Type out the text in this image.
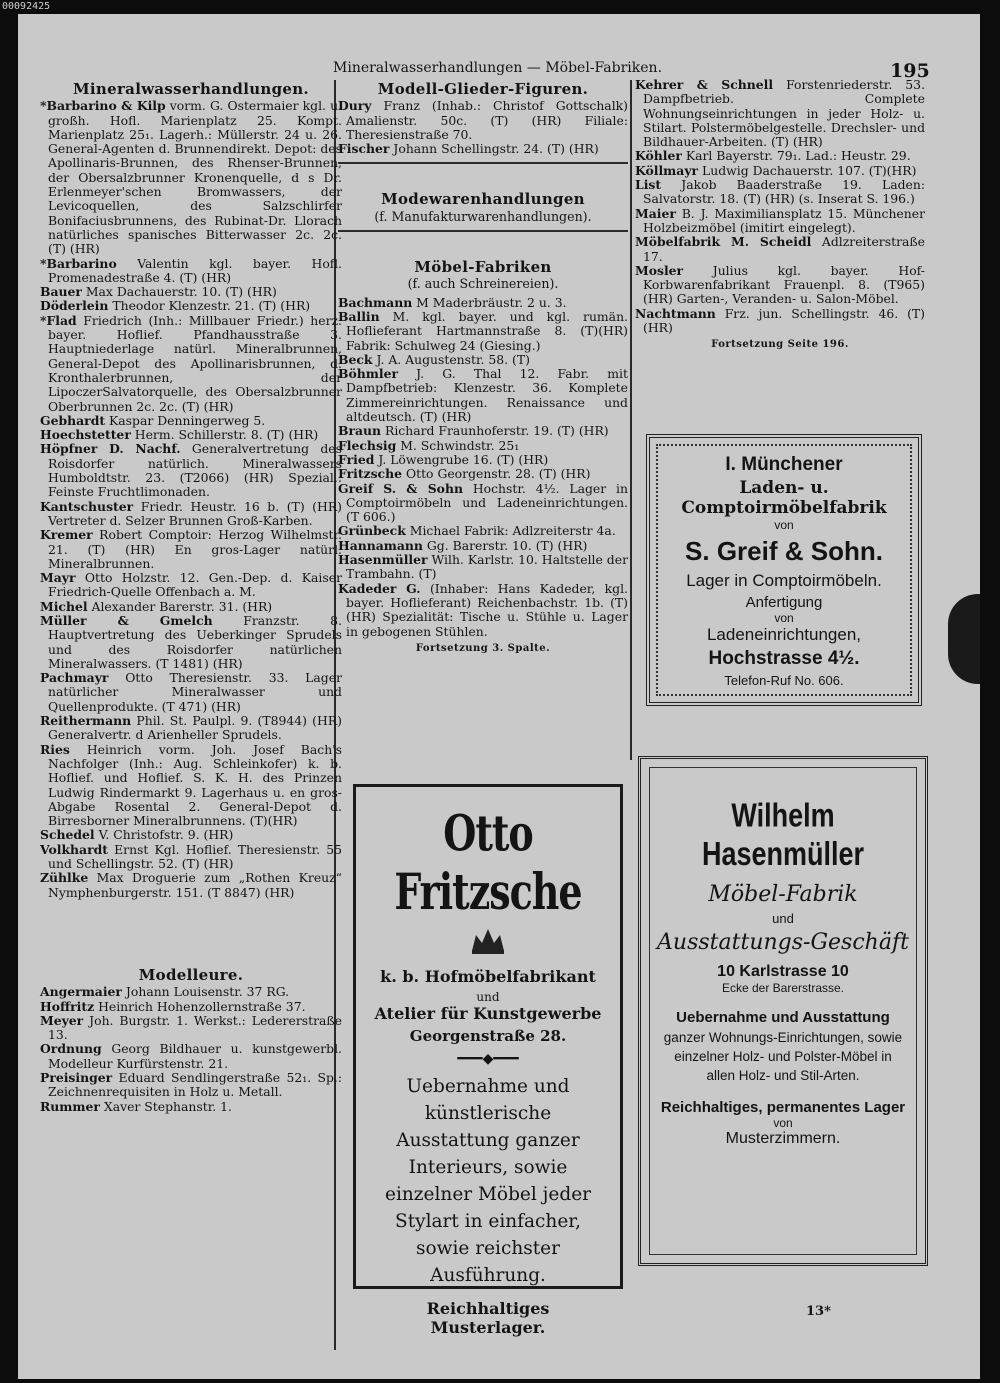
00092425
Mineralwasserhandlungen — Möbel-Fabriken.	195
Mineralwasserhandlungen.

*Barbarino & Kilp vorm. G. Ostermaier kgl. u. großh. Hofl. Marienplatz 25. Kompt. Marienplatz 25₁. Lagerh.: Müllerstr. 24 u. 26. General-Agenten d. Brunnendirekt. Depot: des Apollinaris-Brunnen, des Rhenser-Brunnen, der Obersalzbrunner Kronenquelle, d s Dr. Erlenmeyer'schen Bromwassers, der Levicoquellen, des Salzschlirfer Bonifaciusbrunnens, des Rubinat-Dr. Llorach natürliches spanisches Bitterwasser 2c. 2c. (T) (HR)

*Barbarino Valentin kgl. bayer. Hofl. Promenadestraße 4. (T) (HR)

Bauer Max Dachauerstr. 10. (T) (HR)

Döderlein Theodor Klenzestr. 21. (T) (HR)

*Flad Friedrich (Inh.: Millbauer Friedr.) herz. bayer. Hoflief. Pfandhausstraße 3. Hauptniederlage natürl. Mineralbrunnen, General-Depot des Apollinarisbrunnen, d. Kronthalerbrunnen, der LipoczerSalvatorquelle, des Obersalzbrunner Oberbrunnen 2c. 2c. (T) (HR)

Gebhardt Kaspar Denningerweg 5.

Hoechstetter Herm. Schillerstr. 8. (T) (HR)

Höpfner D. Nachf. Generalvertretung des Roisdorfer natürlich. Mineralwassers Humboldtstr. 23. (T2066) (HR) Spezial.: Feinste Fruchtlimonaden.

Kantschuster Friedr. Heustr. 16 b. (T) (HR) Vertreter d. Selzer Brunnen Groß-Karben.

Kremer Robert Comptoir: Herzog Wilhelmstr. 21. (T) (HR) En gros-Lager natürl. Mineralbrunnen.

Mayr Otto Holzstr. 12. Gen.-Dep. d. Kaiser Friedrich-Quelle Offenbach a. M.

Michel Alexander Barerstr. 31. (HR)

Müller & Gmelch Franzstr. 8. Hauptvertretung des Ueberkinger Sprudels und des Roisdorfer natürlichen Mineralwassers. (T 1481) (HR)

Pachmayr Otto Theresienstr. 33. Lager natürlicher Mineralwasser und Quellenprodukte. (T 471) (HR)

Reithermann Phil. St. Paulpl. 9. (T8944) (HR) Generalvertr. d Arienheller Sprudels.

Ries Heinrich vorm. Joh. Josef Bach's Nachfolger (Inh.: Aug. Schleinkofer) k. b. Hoflief. und Hoflief. S. K. H. des Prinzen Ludwig Rindermarkt 9. Lagerhaus u. en gros-Abgabe Rosental 2. General-Depot d. Birresborner Mineralbrunnens. (T)(HR)

Schedel V. Christofstr. 9. (HR)

Volkhardt Ernst Kgl. Hoflief. Theresienstr. 55 und Schellingstr. 52. (T) (HR)

Zühlke Max Droguerie zum „Rothen Kreuz“ Nymphenburgerstr. 151. (T 8847) (HR)

Modelleure.

Angermaier Johann Louisenstr. 37 RG.

Hoffritz Heinrich Hohenzollernstraße 37.

Meyer Joh. Burgstr. 1. Werkst.: Ledererstraße 13.

Ordnung Georg Bildhauer u. kunstgewerbl. Modelleur Kurfürstenstr. 21.

Preisinger Eduard Sendlingerstraße 52₁. Sp.: Zeichnenrequisiten in Holz u. Metall.

Rummer Xaver Stephanstr. 1.

Modell-Glieder-Figuren.

Dury Franz (Inhab.: Christof Gottschalk) Amalienstr. 50c. (T) (HR) Filiale: Theresienstraße 70.

Fischer Johann Schellingstr. 24. (T) (HR)

Modewarenhandlungen
(f. Manufakturwarenhandlungen).
Möbel-Fabriken
(f. auch Schreinereien).

Bachmann M Maderbräustr. 2 u. 3.

Ballin M. kgl. bayer. und kgl. rumän. Hoflieferant Hartmannstraße 8. (T)(HR) Fabrik: Schulweg 24 (Giesing.)

Beck J. A. Augustenstr. 58. (T)

Böhmler J. G. Thal 12. Fabr. mit Dampfbetrieb: Klenzestr. 36. Komplete Zimmereinrichtungen. Renaissance und altdeutsch. (T) (HR)

Braun Richard Fraunhoferstr. 19. (T) (HR)

Flechsig M. Schwindstr. 25₁

Fried J. Löwengrube 16. (T) (HR)

Fritzsche Otto Georgenstr. 28. (T) (HR)

Greif S. & Sohn Hochstr. 4½. Lager in Comptoirmöbeln und Ladeneinrichtungen. (T 606.)

Grünbeck Michael Fabrik: Adlzreiterstr 4a.

Hannamann Gg. Barerstr. 10. (T) (HR)

Hasenmüller Wilh. Karlstr. 10. Haltstelle der Trambahn. (T)

Kadeder G. (Inhaber: Hans Kadeder, kgl. bayer. Hoflieferant) Reichenbachstr. 1b. (T) (HR) Spezialität: Tische u. Stühle u. Lager in gebogenen Stühlen.

Fortsetzung 3. Spalte.

Kehrer & Schnell Forstenriederstr. 53. Dampfbetrieb. Complete Wohnungseinrichtungen in jeder Holz- u. Stilart. Polstermöbelgestelle. Drechsler- und Bildhauer-Arbeiten. (T) (HR)

Köhler Karl Bayerstr. 79₁. Lad.: Heustr. 29.

Köllmayr Ludwig Dachauerstr. 107. (T)(HR)

List Jakob Baaderstraße 19. Laden: Salvatorstr. 18. (T) (HR) (s. Inserat S. 196.)

Maier B. J. Maximiliansplatz 15. Münchener Holzbeizmöbel (imitirt eingelegt).

Möbelfabrik M. Scheidl Adlzreiterstraße 17.

Mosler Julius kgl. bayer. Hof-Korbwarenfabrikant Frauenpl. 8. (T965) (HR) Garten-, Veranden- u. Salon-Möbel.

Nachtmann Frz. jun. Schellingstr. 46. (T) (HR)

Fortsetzung Seite 196.
I. Münchener
Laden- u. Comptoirmöbelfabrik
von
S. Greif & Sohn.
Lager in Comptoirmöbeln.
Anfertigung
von
Ladeneinrichtungen,
Hochstrasse 4½.
Telefon-Ruf No. 606.
Otto Fritzsche
k. b. Hofmöbelfabrikant
und
Atelier für Kunstgewerbe
Georgenstraße 28.
━━━◆━━━
Uebernahme und künstlerische Ausstattung ganzer Interieurs, sowie einzelner Möbel jeder Stylart in einfacher, sowie reichster Ausführung.
Reichhaltiges Musterlager.
Wilhelm Hasenmüller
Möbel-Fabrik
und
Ausstattungs-Geschäft
10 Karlstrasse 10
Ecke der Barerstrasse.
Uebernahme und Ausstattung
ganzer Wohnungs-Einrichtungen, sowie einzelner Holz- und Polster-Möbel in allen Holz- und Stil-Arten.
Reichhaltiges, permanentes Lager
von
Musterzimmern.
13*
